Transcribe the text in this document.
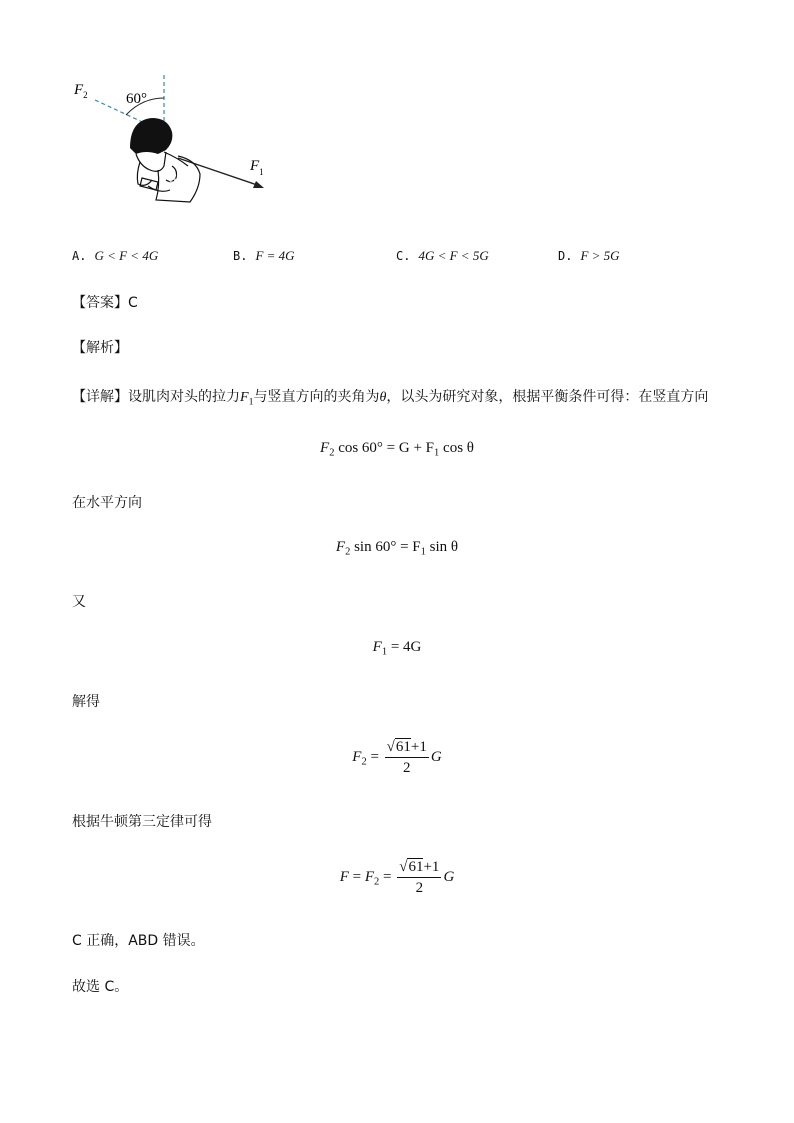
60°
$F_2$
$F_1$
G
A. G < F < 4G	B. F = 4G	C. 4G < F < 5G	D. F > 5G
【答案】C
【解析】
【详解】设肌肉对头的拉力$F_1$与竖直方向的夹角为θ，以头为研究对象，根据平衡条件可得：在竖直方向
$F_2$ $\cos 60^\circ = G + F_1$ cos θ
在水平方向
$F_2$ $\sin 60^\circ = F_1$ sin θ
又
$F_1 = 4G$
解得
$F_2 = \frac{√61+1}{2}$ G
根据牛顿第三定律可得
$F = F_2 = \frac{√61+1}{2}$ G
C 正确，ABD 错误。
故选 C。
